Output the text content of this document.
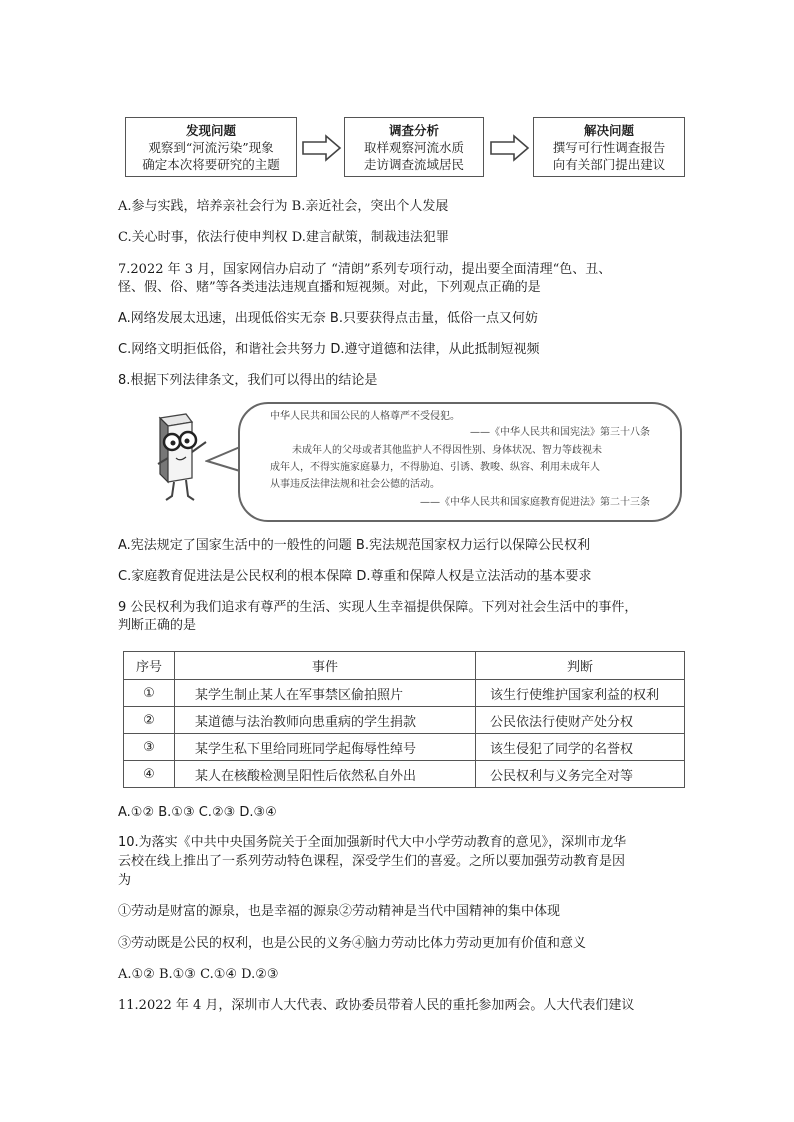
发现问题
观察到“河流污染”现象
确定本次将要研究的主题
调查分析
取样观察河流水质
走访调查流域居民
解决问题
撰写可行性调查报告
向有关部门提出建议
A.参与实践，培养亲社会行为 B.亲近社会，突出个人发展
C.关心时事，依法行使申判权 D.建言献策，制裁违法犯罪
7.2022 年 3 月，国家网信办启动了 “清朗”系列专项行动，提出要全面清理“色、丑、
怪、假、俗、赌”等各类违法违规直播和短视频。对此，下列观点正确的是
A.网络发展太迅速，出现低俗实无奈 B.只要获得点击量，低俗一点又何妨
C.网络文明拒低俗，和谐社会共努力 D.遵守道德和法律，从此抵制短视频
8.根据下列法律条文，我们可以得出的结论是
中华人民共和国公民的人格尊严不受侵犯。
——《中华人民共和国宪法》第三十八条
未成年人的父母或者其他监护人不得因性别、身体状况、智力等歧视未
成年人，不得实施家庭暴力，不得胁迫、引诱、教唆、纵容、利用未成年人
从事违反法律法规和社会公德的活动。
——《中华人民共和国家庭教育促进法》第二十三条
A.宪法规定了国家生活中的一般性的问题 B.宪法规范国家权力运行以保障公民权利
C.家庭教育促进法是公民权利的根本保障 D.尊重和保障人权是立法活动的基本要求
9 公民权利为我们追求有尊严的生活、实现人生幸福提供保障。下列对社会生活中的事件，
判断正确的是
序号	事件	判断
①	某学生制止某人在军事禁区偷拍照片	该生行使维护国家利益的权利
②	某道德与法治教师向患重病的学生捐款	公民依法行使财产处分权
③	某学生私下里给同班同学起侮辱性绰号	该生侵犯了同学的名誉权
④	某人在核酸检测呈阳性后依然私自外出	公民权利与义务完全对等
A.①② B.①③ C.②③ D.③④
10.为落实《中共中央国务院关于全面加强新时代大中小学劳动教育的意见》，深圳市龙华
云校在线上推出了一系列劳动特色课程，深受学生们的喜爱。之所以要加强劳动教育是因
为
①劳动是财富的源泉，也是幸福的源泉②劳动精神是当代中国精神的集中体现
③劳动既是公民的权利，也是公民的义务④脑力劳动比体力劳动更加有价值和意义
A.①② B.①③ C.①④ D.②③
11.2022 年 4 月，深圳市人大代表、政协委员带着人民的重托参加两会。人大代表们建议
